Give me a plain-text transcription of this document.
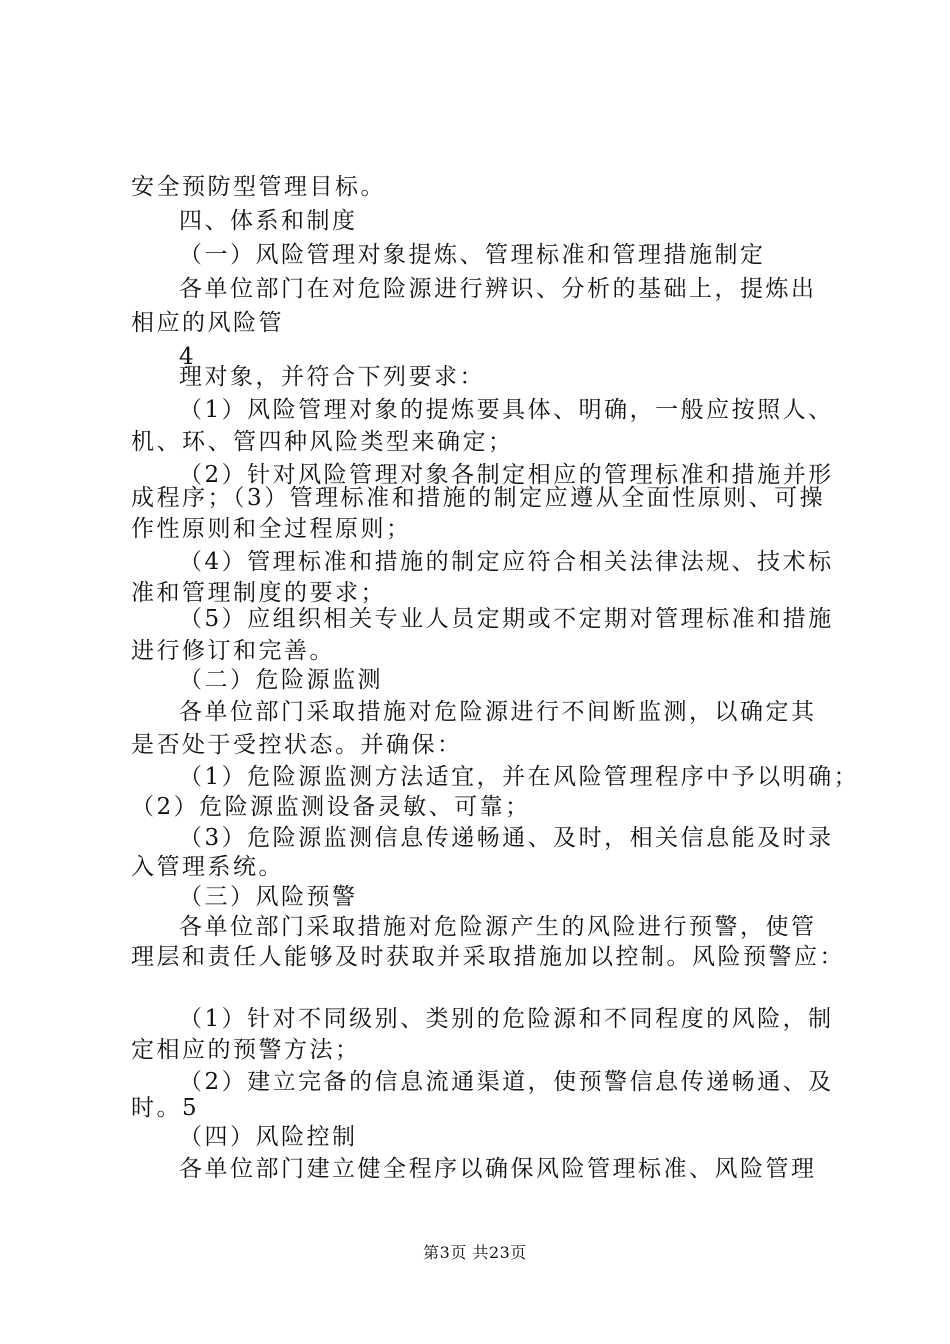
安全预防型管理目标。
四、体系和制度
（一）风险管理对象提炼、管理标准和管理措施制定
各单位部门在对危险源进行辨识、分析的基础上，提炼出
相应的风险管
4
理对象，并符合下列要求：
（1）风险管理对象的提炼要具体、明确，一般应按照人、
机、环、管四种风险类型来确定；
（2）针对风险管理对象各制定相应的管理标准和措施并形
成程序；（3）管理标准和措施的制定应遵从全面性原则、可操
作性原则和全过程原则；
（4）管理标准和措施的制定应符合相关法律法规、技术标
准和管理制度的要求；
（5）应组织相关专业人员定期或不定期对管理标准和措施
进行修订和完善。
（二）危险源监测
各单位部门采取措施对危险源进行不间断监测，以确定其
是否处于受控状态。并确保：
（1）危险源监测方法适宜，并在风险管理程序中予以明确；
（2）危险源监测设备灵敏、可靠；
（3）危险源监测信息传递畅通、及时，相关信息能及时录
入管理系统。
（三）风险预警
各单位部门采取措施对危险源产生的风险进行预警，使管
理层和责任人能够及时获取并采取措施加以控制。风险预警应：
（1）针对不同级别、类别的危险源和不同程度的风险，制
定相应的预警方法；
（2）建立完备的信息流通渠道，使预警信息传递畅通、及
时。5
（四）风险控制
各单位部门建立健全程序以确保风险管理标准、风险管理
第3页 共23页
